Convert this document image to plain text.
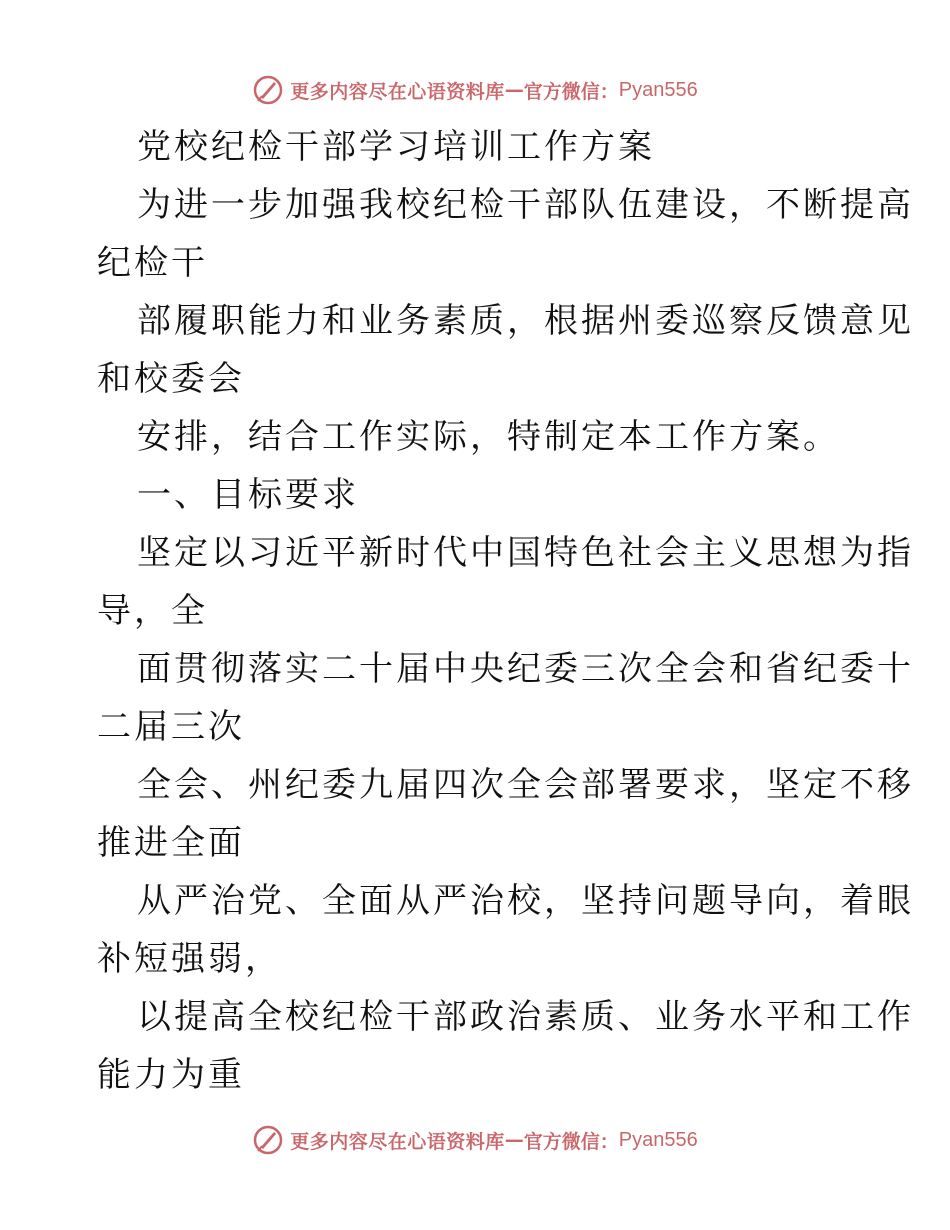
更多内容尽在心语资料库 — 官方微信： Pyan556
党校纪检干部学习培训工作方案
为进一步加强我校纪检干部队伍建设，不断提高
纪检干
部履职能力和业务素质，根据州委巡察反馈意见
和校委会
安排，结合工作实际，特制定本工作方案。
一、目标要求
坚定以习近平新时代中国特色社会主义思想为指
导，全
面贯彻落实二十届中央纪委三次全会和省纪委十
二届三次
全会、州纪委九届四次全会部署要求，坚定不移
推进全面
从严治党、全面从严治校，坚持问题导向，着眼
补短强弱，
以提高全校纪检干部政治素质、业务水平和工作
能力为重
更多内容尽在心语资料库 — 官方微信： Pyan556
